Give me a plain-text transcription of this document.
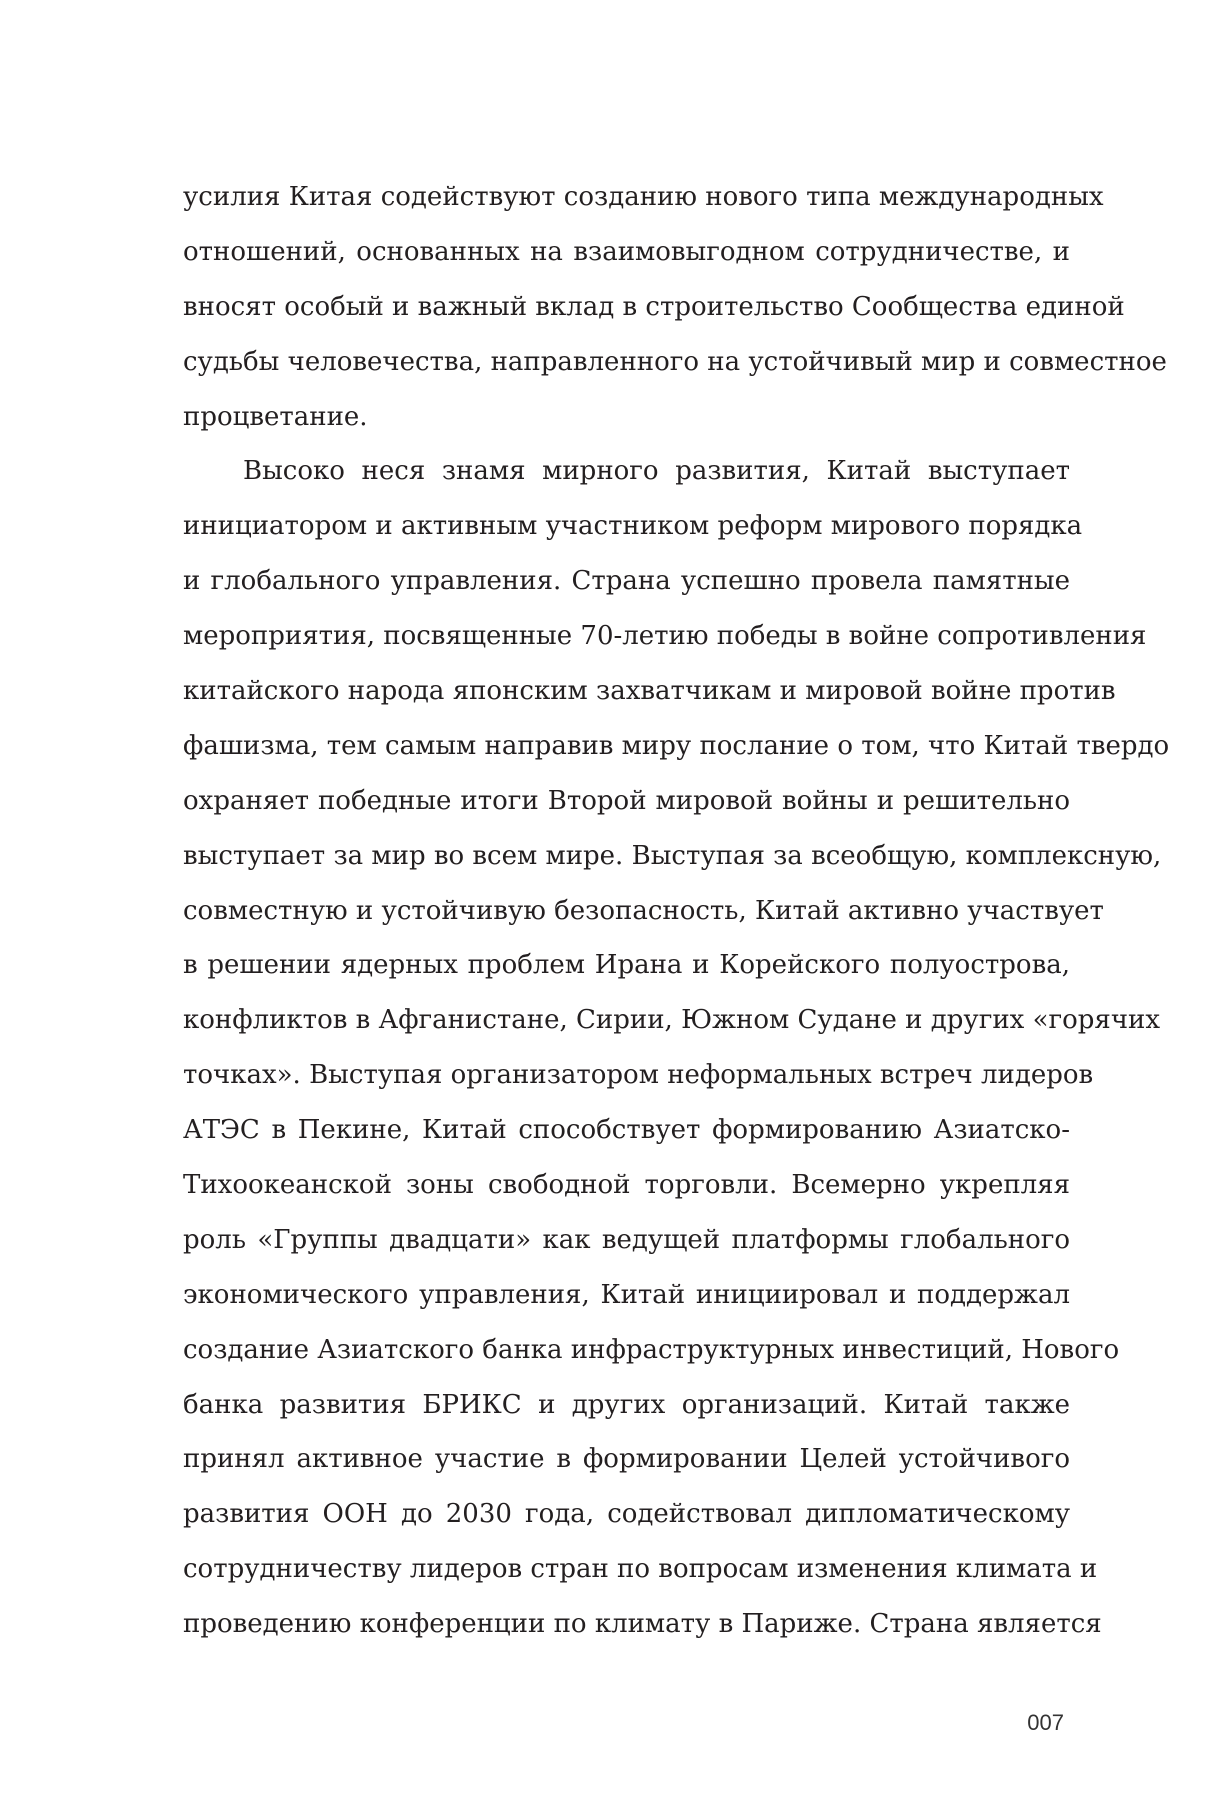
усилия Китая содействуют созданию нового типа международных
отношений, основанных на взаимовыгодном сотрудничестве, и
вносят особый и важный вклад в строительство Сообщества единой
судьбы человечества, направленного на устойчивый мир и совместное
процветание.
Высоко неся знамя мирного развития, Китай выступает
инициатором и активным участником реформ мирового порядка
и глобального управления. Страна успешно провела памятные
мероприятия, посвященные 70-летию победы в войне сопротивления
китайского народа японским захватчикам и мировой войне против
фашизма, тем самым направив миру послание о том, что Китай твердо
охраняет победные итоги Второй мировой войны и решительно
выступает за мир во всем мире. Выступая за всеобщую, комплексную,
совместную и устойчивую безопасность, Китай активно участвует
в решении ядерных проблем Ирана и Корейского полуострова,
конфликтов в Афганистане, Сирии, Южном Судане и других «горячих
точках». Выступая организатором неформальных встреч лидеров
АТЭС в Пекине, Китай способствует формированию Азиатско-
Тихоокеанской зоны свободной торговли. Всемерно укрепляя
роль «Группы двадцати» как ведущей платформы глобального
экономического управления, Китай инициировал и поддержал
создание Азиатского банка инфраструктурных инвестиций, Нового
банка развития БРИКС и других организаций. Китай также
принял активное участие в формировании Целей устойчивого
развития ООН до 2030 года, содействовал дипломатическому
сотрудничеству лидеров стран по вопросам изменения климата и
проведению конференции по климату в Париже. Страна является
007
